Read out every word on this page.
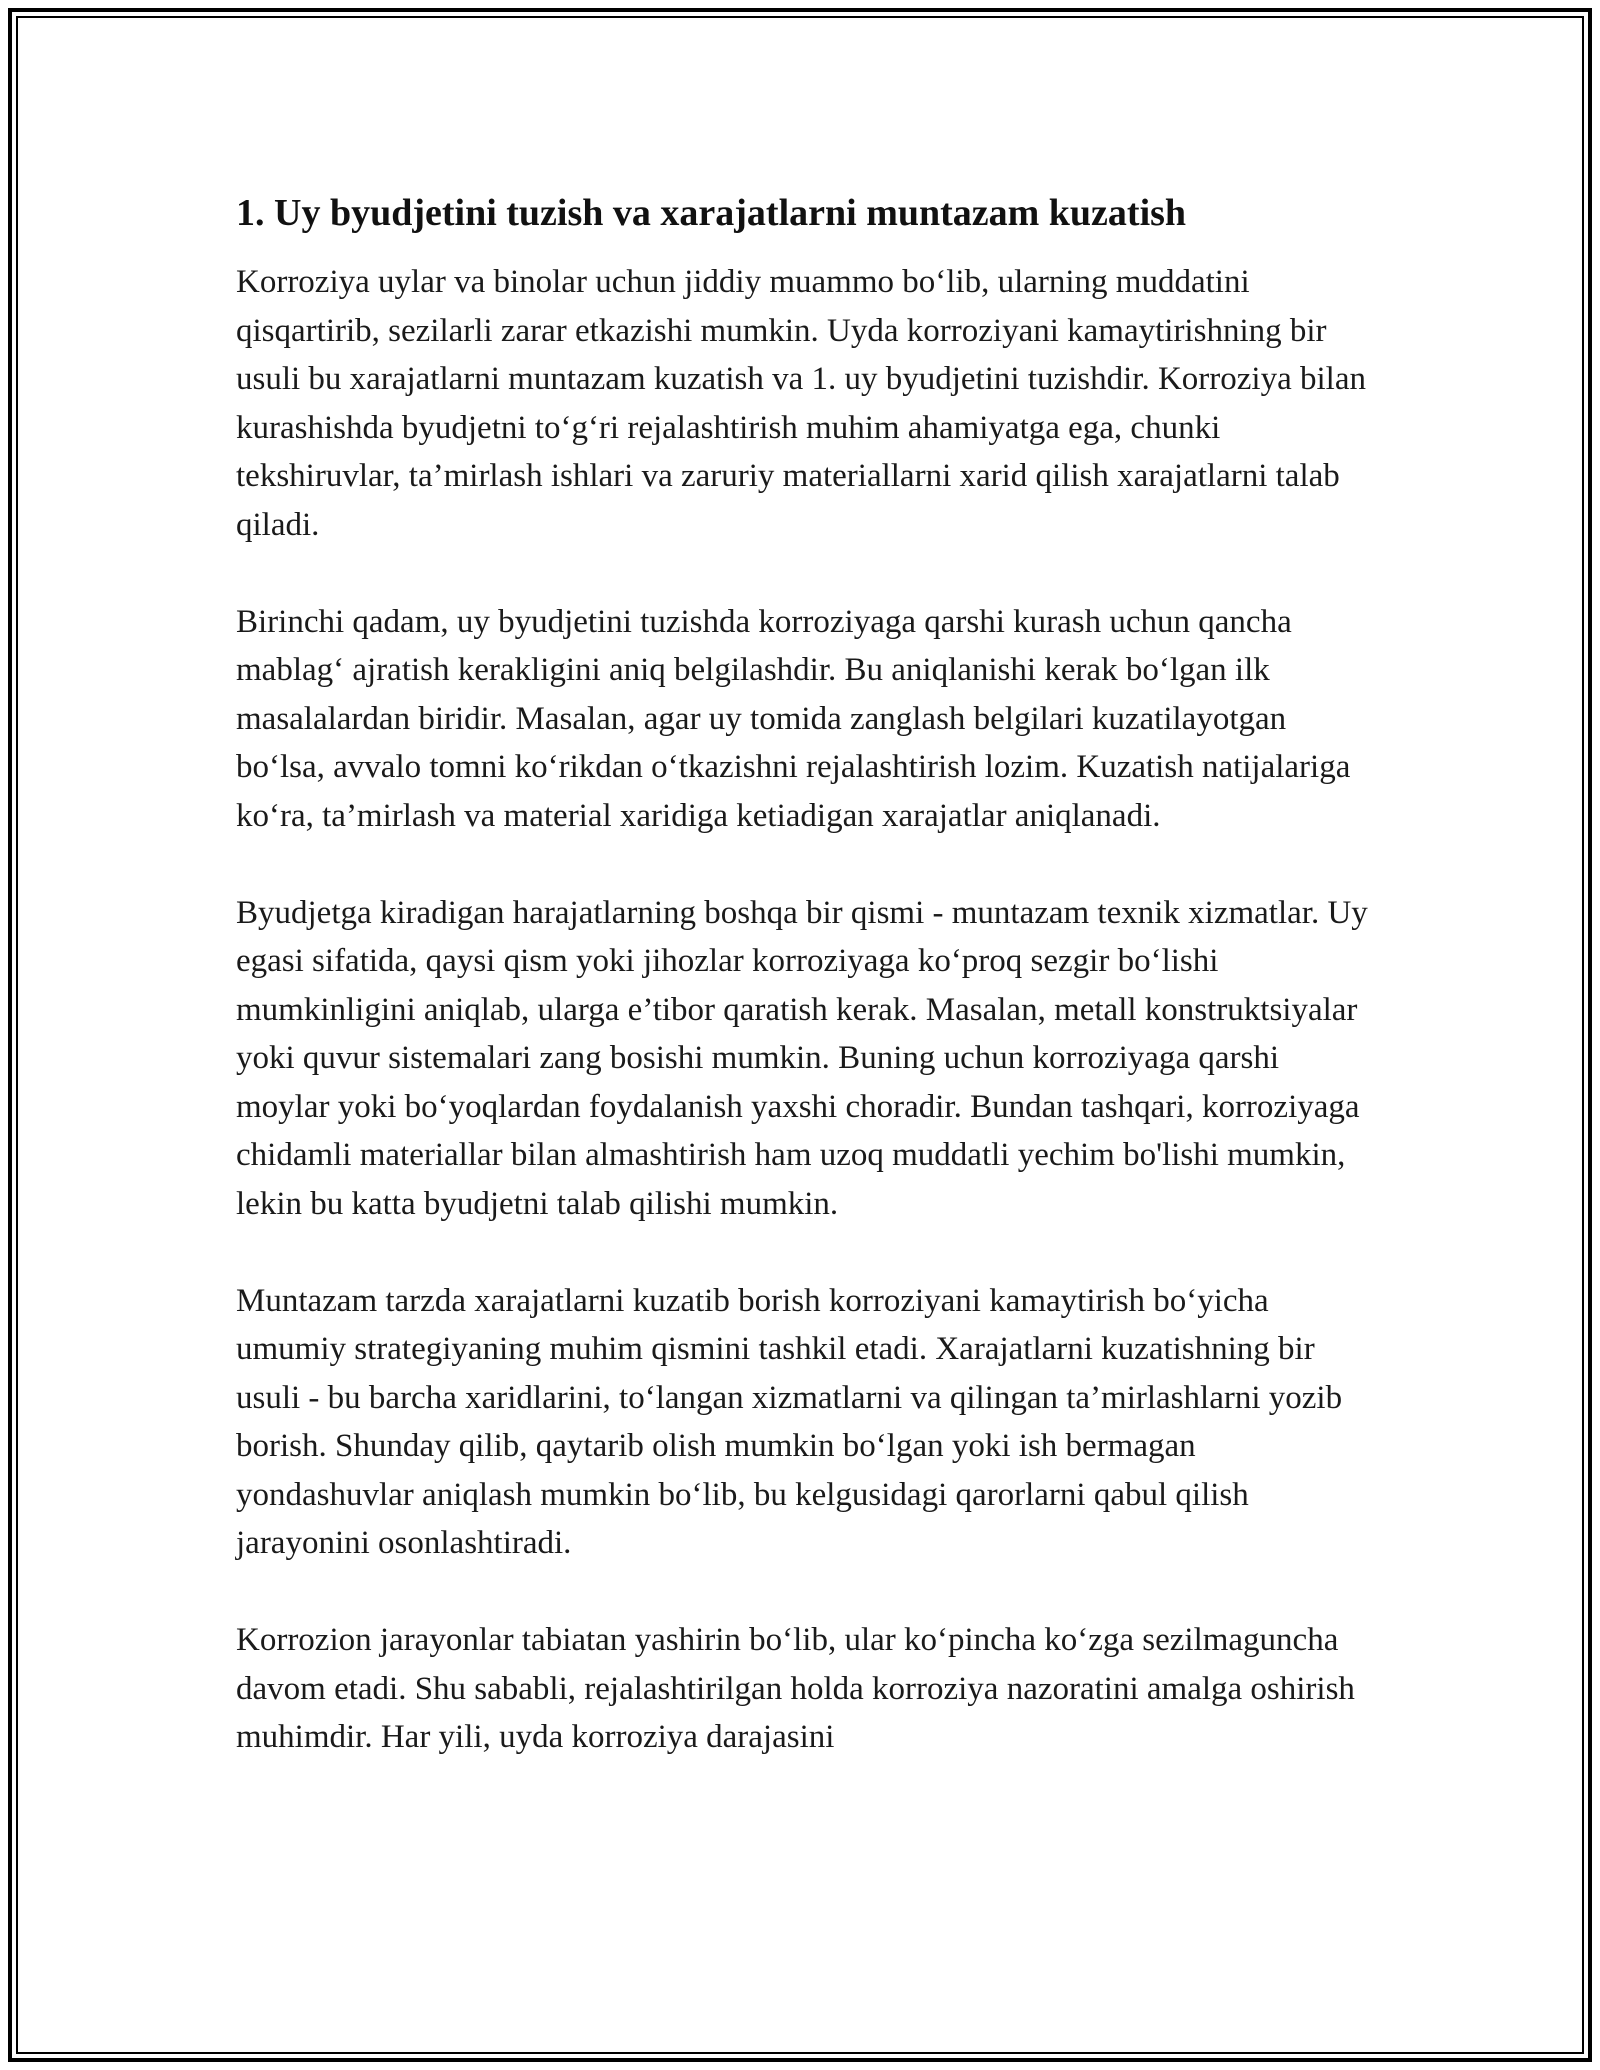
1. Uy byudjetini tuzish va xarajatlarni muntazam kuzatish

Korroziya uylar va binolar uchun jiddiy muammo bo‘lib, ularning muddatini qisqartirib, sezilarli zarar etkazishi mumkin. Uyda korroziyani kamaytirishning bir usuli bu xarajatlarni muntazam kuzatish va 1. uy byudjetini tuzishdir. Korroziya bilan kurashishda byudjetni to‘g‘ri rejalashtirish muhim ahamiyatga ega, chunki tekshiruvlar, ta’mirlash ishlari va zaruriy materiallarni xarid qilish xarajatlarni talab qiladi.

Birinchi qadam, uy byudjetini tuzishda korroziyaga qarshi kurash uchun qancha mablag‘ ajratish kerakligini aniq belgilashdir. Bu aniqlanishi kerak bo‘lgan ilk masalalardan biridir. Masalan, agar uy tomida zanglash belgilari kuzatilayotgan bo‘lsa, avvalo tomni ko‘rikdan o‘tkazishni rejalashtirish lozim. Kuzatish natijalariga ko‘ra, ta’mirlash va material xaridiga ketiadigan xarajatlar aniqlanadi.

Byudjetga kiradigan harajatlarning boshqa bir qismi - muntazam texnik xizmatlar. Uy egasi sifatida, qaysi qism yoki jihozlar korroziyaga ko‘proq sezgir bo‘lishi mumkinligini aniqlab, ularga e’tibor qaratish kerak. Masalan, metall konstruktsiyalar yoki quvur sistemalari zang bosishi mumkin. Buning uchun korroziyaga qarshi moylar yoki bo‘yoqlardan foydalanish yaxshi choradir. Bundan tashqari, korroziyaga chidamli materiallar bilan almashtirish ham uzoq muddatli yechim bo'lishi mumkin, lekin bu katta byudjetni talab qilishi mumkin.

Muntazam tarzda xarajatlarni kuzatib borish korroziyani kamaytirish bo‘yicha umumiy strategiyaning muhim qismini tashkil etadi. Xarajatlarni kuzatishning bir usuli - bu barcha xaridlarini, to‘langan xizmatlarni va qilingan ta’mirlashlarni yozib borish. Shunday qilib, qaytarib olish mumkin bo‘lgan yoki ish bermagan yondashuvlar aniqlash mumkin bo‘lib, bu kelgusidagi qarorlarni qabul qilish jarayonini osonlashtiradi.

Korrozion jarayonlar tabiatan yashirin bo‘lib, ular ko‘pincha ko‘zga sezilmaguncha davom etadi. Shu sababli, rejalashtirilgan holda korroziya nazoratini amalga oshirish muhimdir. Har yili, uyda korroziya darajasini
